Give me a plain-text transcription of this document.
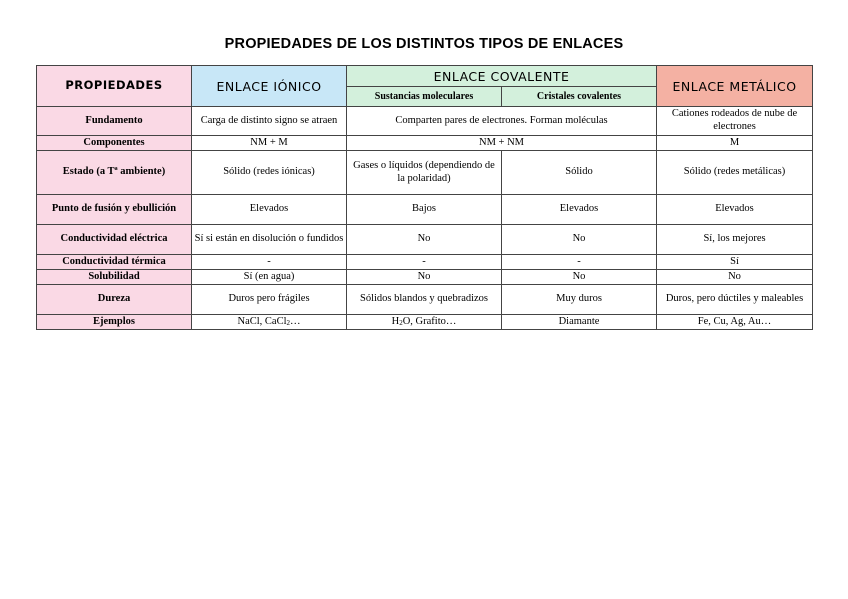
PROPIEDADES DE LOS DISTINTOS TIPOS DE ENLACES
PROPIEDADES	ENLACE IÓNICO	ENLACE COVALENTE		ENLACE METÁLICO
		Sustancias moleculares	Cristales covalentes	
Fundamento	Carga de distinto signo se atraen	Comparten pares de electrones. Forman moléculas		Cationes rodeados de nube de electrones
Componentes	NM + M	NM + NM		M
Estado (a Tª ambiente)	Sólido (redes iónicas)	Gases o líquidos (dependiendo de la polaridad)	Sólido	Sólido (redes metálicas)
Punto de fusión y ebullición	Elevados	Bajos	Elevados	Elevados
Conductividad eléctrica	Sí si están en disolución o fundidos	No	No	Sí, los mejores
Conductividad térmica	-	-	-	Sí
Solubilidad	Sí (en agua)	No	No	No
Dureza	Duros pero frágiles	Sólidos blandos y quebradizos	Muy duros	Duros, pero dúctiles y maleables
Ejemplos	NaCl, CaCl$_2$…	$H_2O$, Grafito…	Diamante	Fe, Cu, Ag, Au…
